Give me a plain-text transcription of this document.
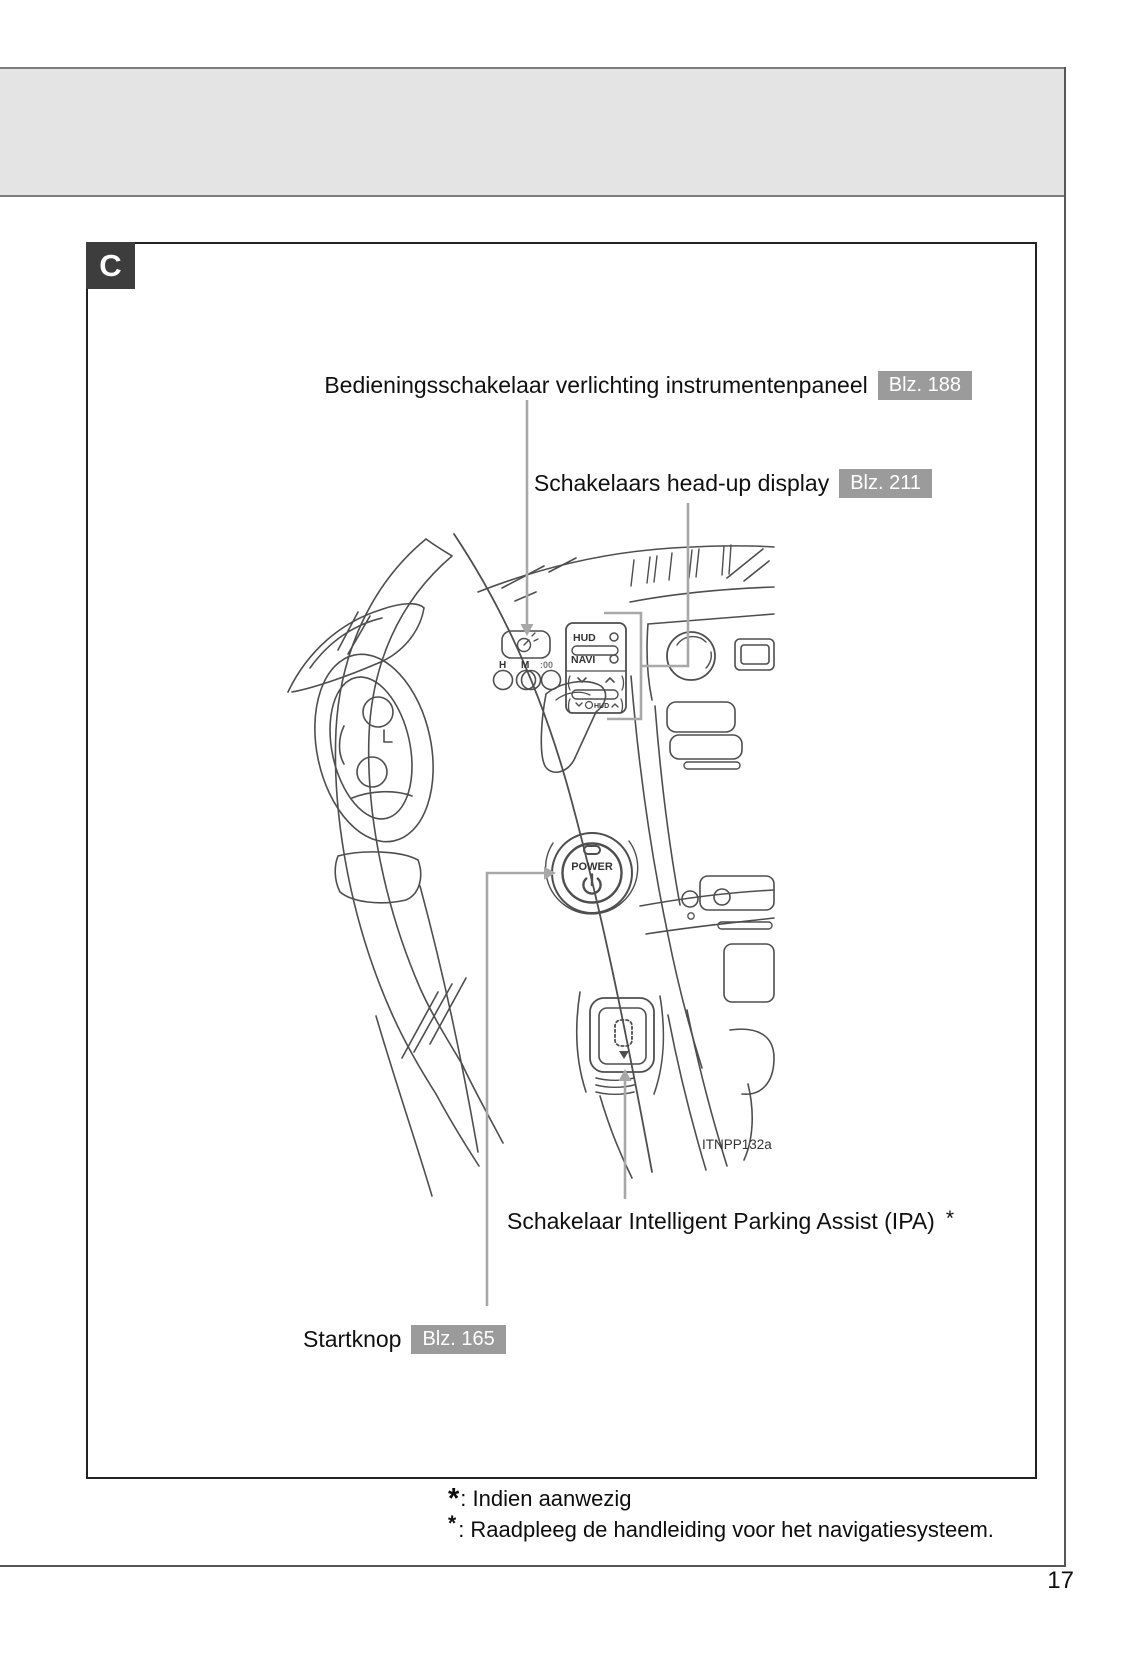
C
Bedieningsschakelaar verlichting instrumentenpaneel	Blz. 188
Schakelaars head-up display	Blz. 211
Schakelaar Intelligent Parking Assist (IPA) *
Startknop	Blz. 165
*: Indien aanwezig
*: Raadpleeg de handleiding voor het navigatiesysteem.
17
H M :00
HUD
NAVI
HUD
POWER
ITNPP132a
